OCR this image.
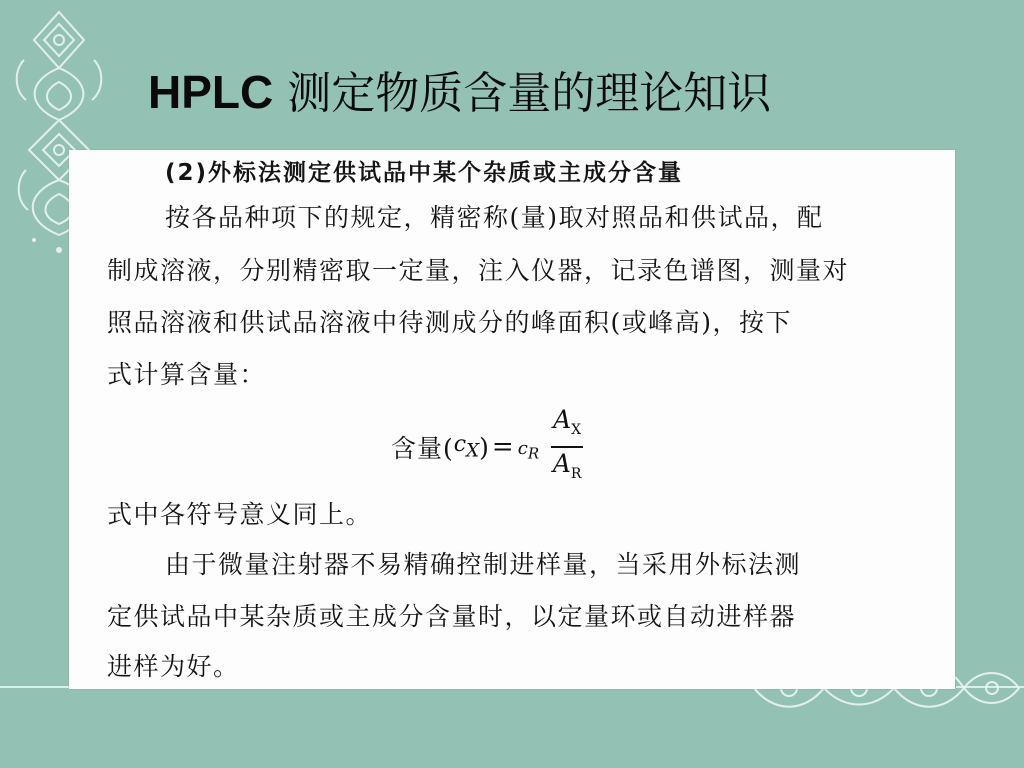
HPLC 测定物质含量的理论知识

(2)外标法测定供试品中某个杂质或主成分含量

按各品种项下的规定，精密称(量)取对照品和供试品，配

制成溶液，分别精密取一定量，注入仪器，记录色谱图，测量对

照品溶液和供试品溶液中待测成分的峰面积(或峰高)，按下

式计算含量：

含量( $c_X$ ) = $c_R \frac{A_X}{A_R}$

式中各符号意义同上。

由于微量注射器不易精确控制进样量，当采用外标法测

定供试品中某杂质或主成分含量时，以定量环或自动进样器

进样为好。
